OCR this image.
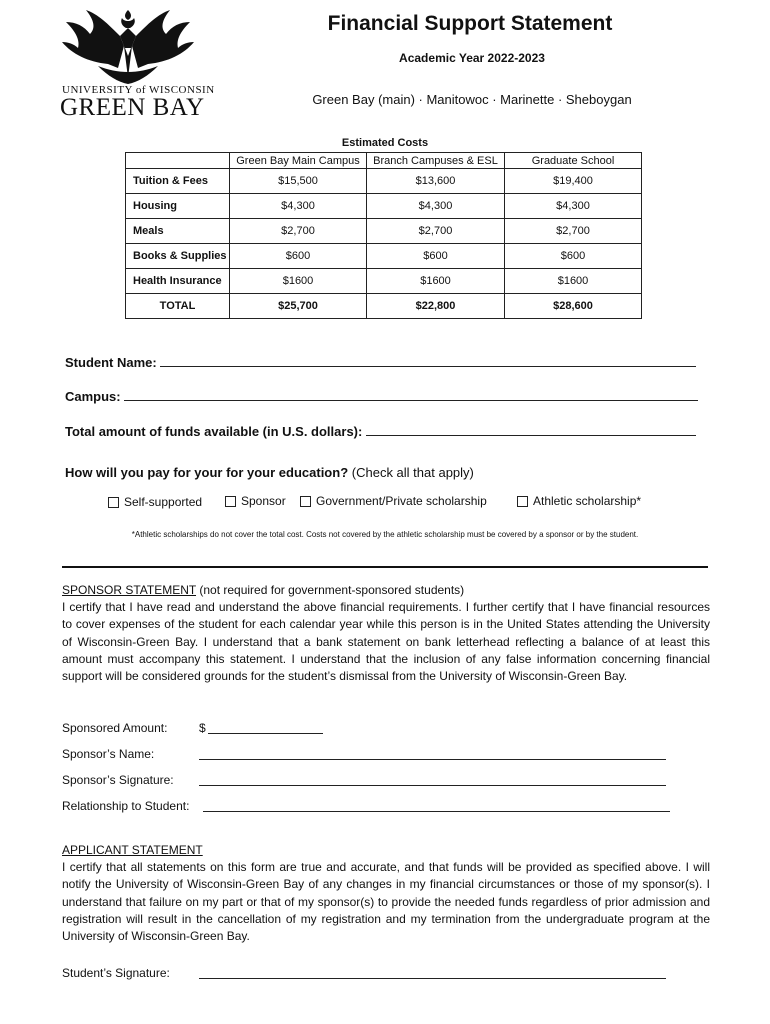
UNIVERSITY of WISCONSIN
GREEN BAY
Financial Support Statement
Academic Year 2022-2023
Green Bay (main) · Manitowoc · Marinette · Sheboygan
Estimated Costs
	Green Bay Main Campus	Branch Campuses & ESL	Graduate School
Tuition & Fees	$15,500	$13,600	$19,400
Housing	$4,300	$4,300	$4,300
Meals	$2,700	$2,700	$2,700
Books & Supplies	$600	$600	$600
Health Insurance	$1600	$1600	$1600
TOTAL	$25,700	$22,800	$28,600
Student Name:
Campus:
Total amount of funds available (in U.S. dollars):
How will you pay for your for your education? (Check all that apply)
Self-supported	Sponsor	Government/Private scholarship	Athletic scholarship*
*Athletic scholarships do not cover the total cost. Costs not covered by the athletic scholarship must be covered by a sponsor or by the student.
SPONSOR STATEMENT (not required for government-sponsored students)
I certify that I have read and understand the above financial requirements. I further certify that I have financial resources to cover expenses of the student for each calendar year while this person is in the United States attending the University of Wisconsin-Green Bay. I understand that a bank statement on bank letterhead reflecting a balance of at least this amount must accompany this statement. I understand that the inclusion of any false information concerning financial support will be considered grounds for the student’s dismissal from the University of Wisconsin-Green Bay.
Sponsored Amount:	$
Sponsor’s Name:
Sponsor’s Signature:
Relationship to Student:
APPLICANT STATEMENT
I certify that all statements on this form are true and accurate, and that funds will be provided as specified above. I will notify the University of Wisconsin-Green Bay of any changes in my financial circumstances or those of my sponsor(s). I understand that failure on my part or that of my sponsor(s) to provide the needed funds regardless of prior admission and registration will result in the cancellation of my registration and my termination from the undergraduate program at the University of Wisconsin-Green Bay.
Student’s Signature:
